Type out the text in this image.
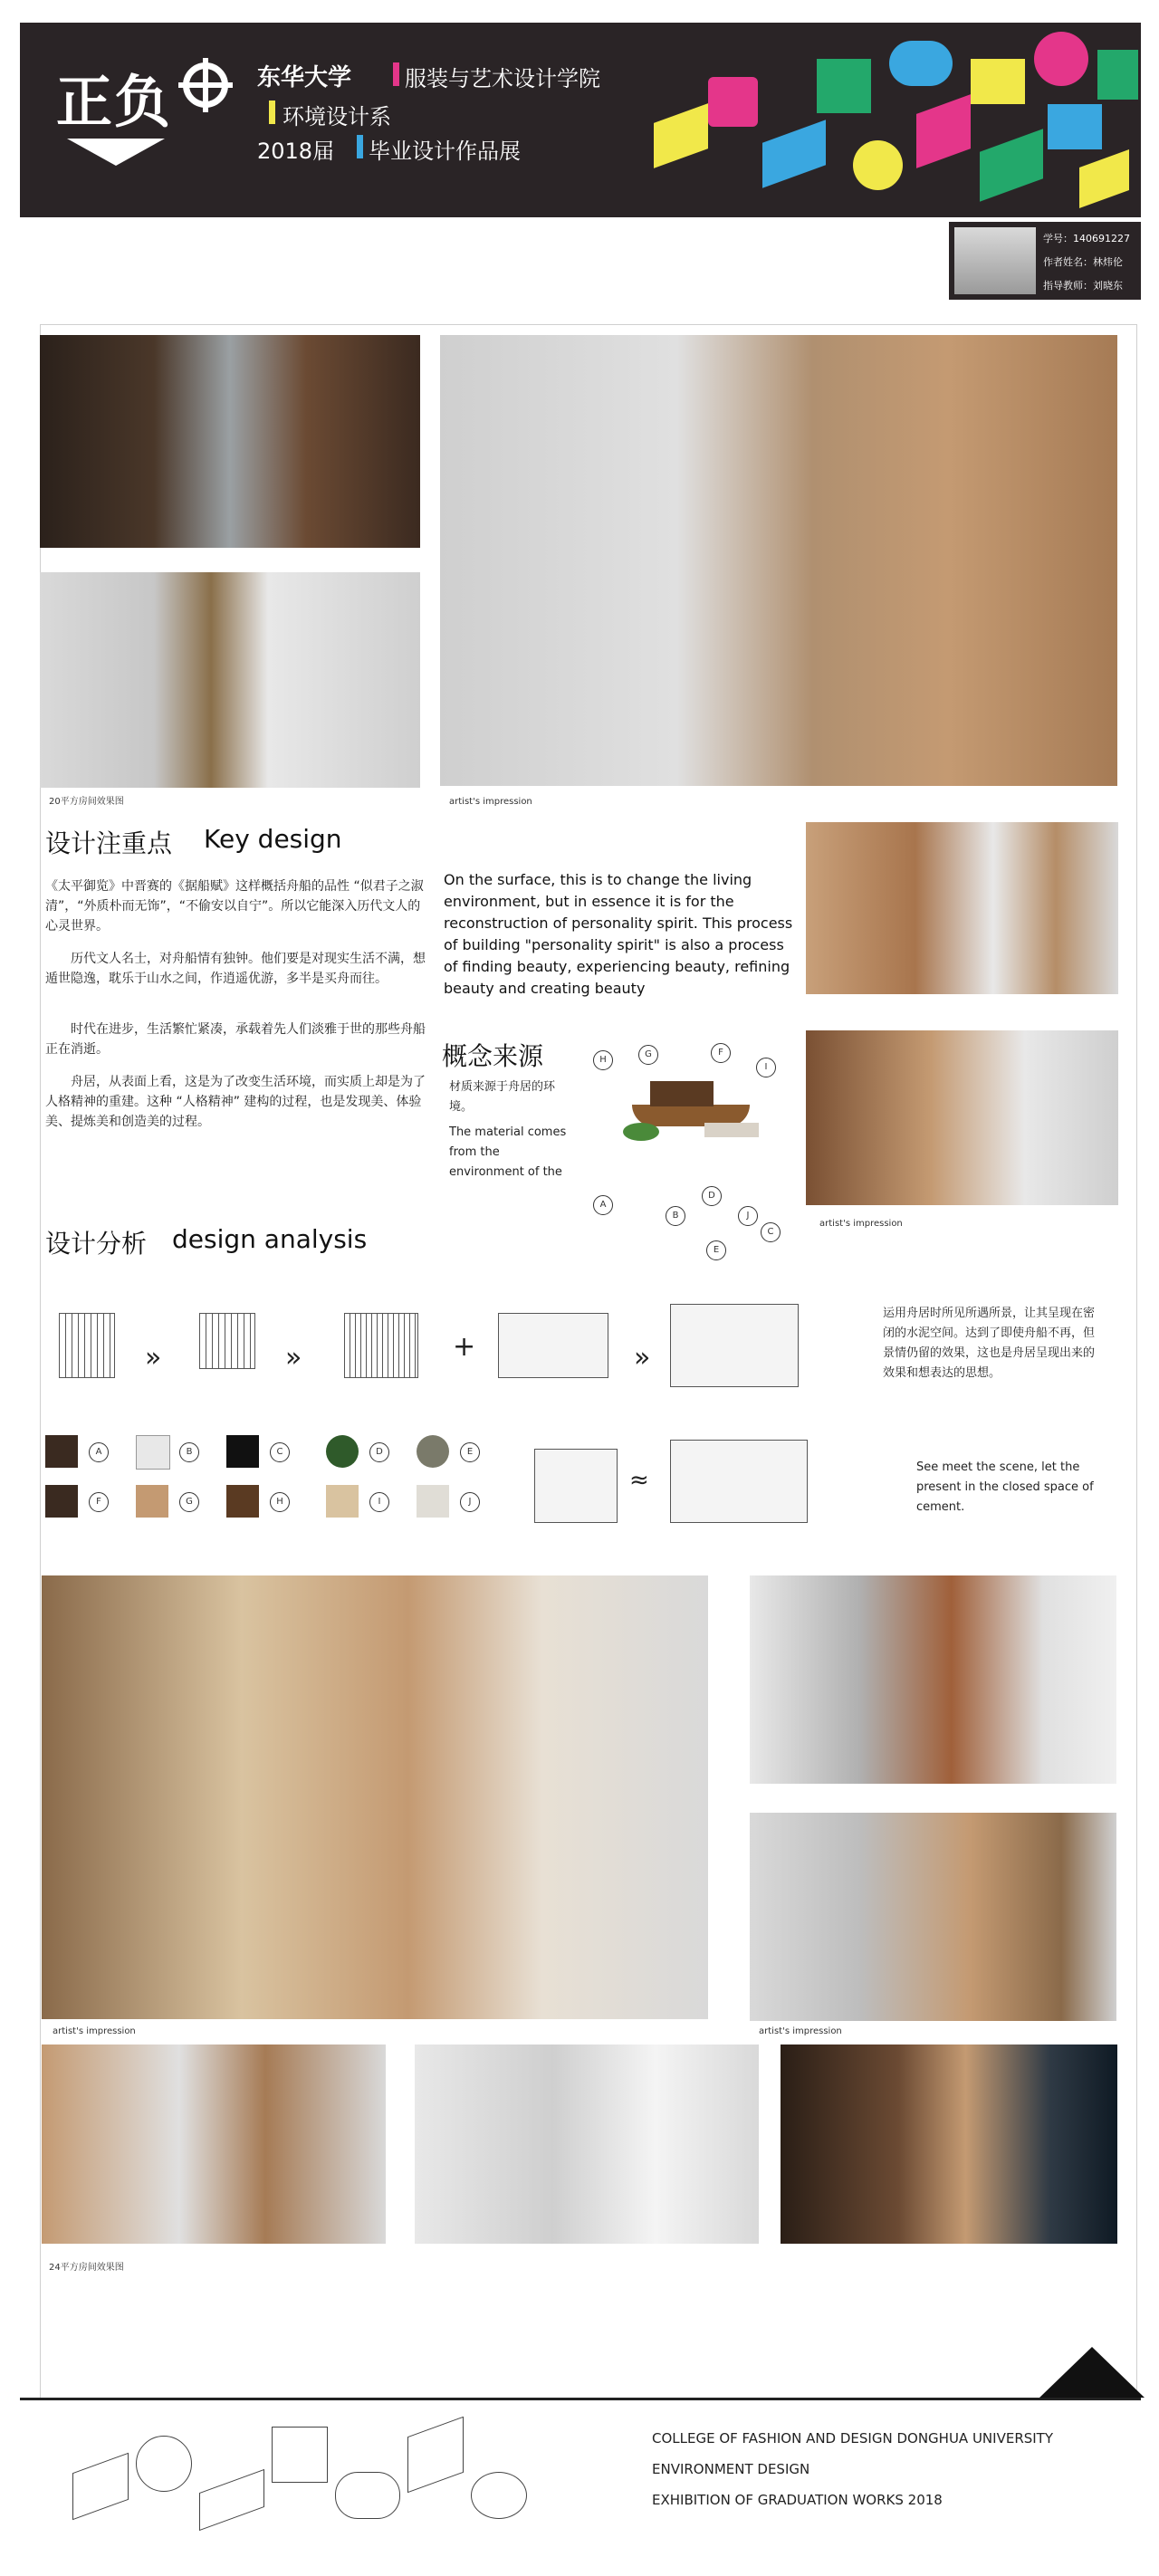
正负	东华大学 服装与艺术设计学院
环境设计系
2018届 毕业设计作品展
学号：140691227
作者姓名：林炜伦
指导教师：刘晓东
20平方房间效果图	artist's impression
设计注重点 Key design
《太平御览》中晋赛的《据船赋》这样概括舟船的品性 “似君子之淑清”，“外质朴而无饰”，“不偷安以自宁”。所以它能深入历代文人的心灵世界。
历代文人名士，对舟船情有独钟。他们要是对现实生活不满，想遁世隐逸，耽乐于山水之间，作逍遥优游，多半是买舟而往。
时代在进步，生活繁忙紧凑，承载着先人们淡雅于世的那些舟船正在消逝。
舟居，从表面上看，这是为了改变生活环境，而实质上却是为了人格精神的重建。这种 “人格精神” 建构的过程，也是发现美、体验美、提炼美和创造美的过程。
On the surface, this is to change the living environment, but in essence it is for the reconstruction of personality spirit. This process of building "personality spirit" is also a process of finding beauty, experiencing beauty, refining beauty and creating beauty
artist's impression
概念来源
材质来源于舟居的环境。
The material comes from the environment of the
H
G	F
I
A
B
D
E
J
C
设计分析 design analysis
»	»	+	»
A	B	C	D	E
F	G	H	I	J
≈
运用舟居时所见所遇所景，让其呈现在密闭的水泥空间。达到了即使舟船不再，但景情仍留的效果，这也是舟居呈现出来的效果和想表达的思想。
See meet the scene, let the present in the closed space of cement.
artist's impression	artist's impression
24平方房间效果图
COLLEGE OF FASHION AND DESIGN DONGHUA UNIVERSITY
ENVIRONMENT DESIGN
EXHIBITION OF GRADUATION WORKS 2018
